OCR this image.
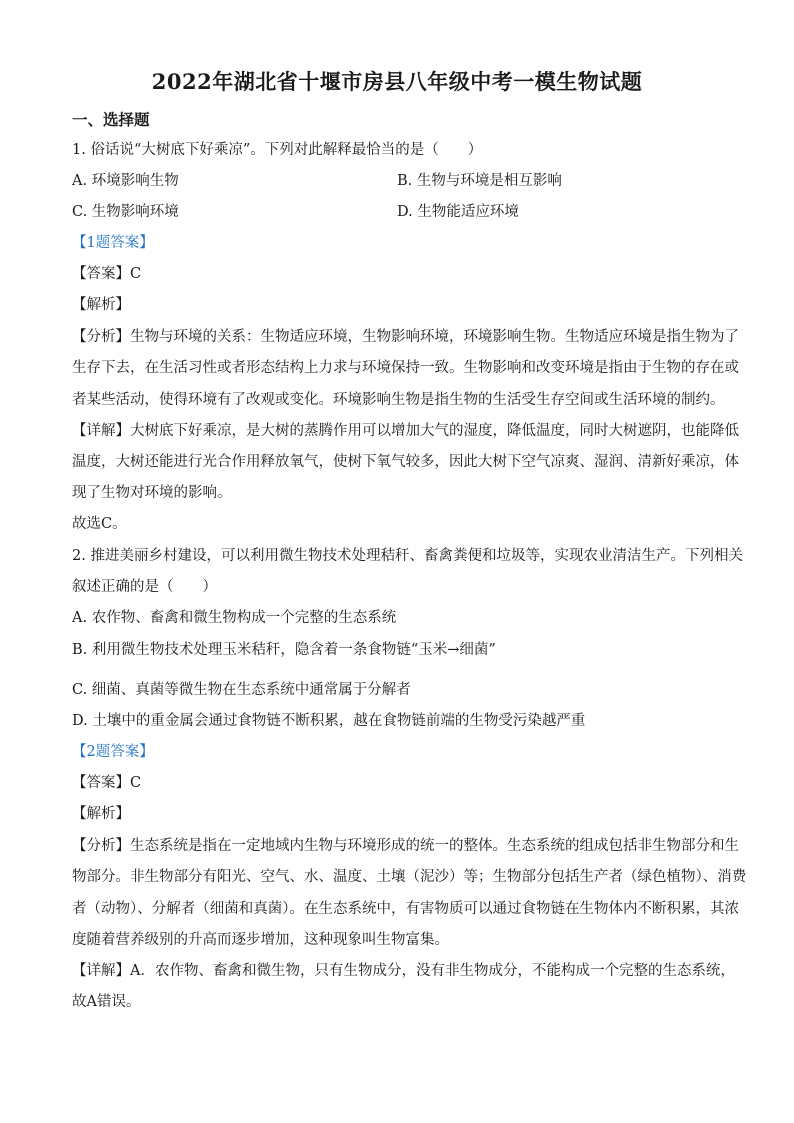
2022年湖北省十堰市房县八年级中考一模生物试题
一、选择题
1. 俗话说“大树底下好乘凉”。下列对此解释最恰当的是（　　）
A. 环境影响生物	B. 生物与环境是相互影响
C. 生物影响环境	D. 生物能适应环境
【1题答案】
【答案】C
【解析】
【分析】生物与环境的关系：生物适应环境，生物影响环境，环境影响生物。生物适应环境是指生物为了
生存下去，在生活习性或者形态结构上力求与环境保持一致。生物影响和改变环境是指由于生物的存在或
者某些活动，使得环境有了改观或变化。环境影响生物是指生物的生活受生存空间或生活环境的制约。
【详解】大树底下好乘凉，是大树的蒸腾作用可以增加大气的湿度，降低温度，同时大树遮阴，也能降低
温度，大树还能进行光合作用释放氧气，使树下氧气较多，因此大树下空气凉爽、湿润、清新好乘凉，体
现了生物对环境的影响。
故选C。
2. 推进美丽乡村建设，可以利用微生物技术处理秸秆、畜禽粪便和垃圾等，实现农业清洁生产。下列相关
叙述正确的是（　　）
A. 农作物、畜禽和微生物构成一个完整的生态系统
B. 利用微生物技术处理玉米秸秆，隐含着一条食物链“玉米→细菌”
C. 细菌、真菌等微生物在生态系统中通常属于分解者
D. 土壤中的重金属会通过食物链不断积累，越在食物链前端的生物受污染越严重
【2题答案】
【答案】C
【解析】
【分析】生态系统是指在一定地域内生物与环境形成的统一的整体。生态系统的组成包括非生物部分和生
物部分。非生物部分有阳光、空气、水、温度、土壤（泥沙）等；生物部分包括生产者（绿色植物）、消费
者（动物）、分解者（细菌和真菌）。在生态系统中，有害物质可以通过食物链在生物体内不断积累，其浓
度随着营养级别的升高而逐步增加，这种现象叫生物富集。
【详解】A．农作物、畜禽和微生物，只有生物成分，没有非生物成分，不能构成一个完整的生态系统，
故A错误。
